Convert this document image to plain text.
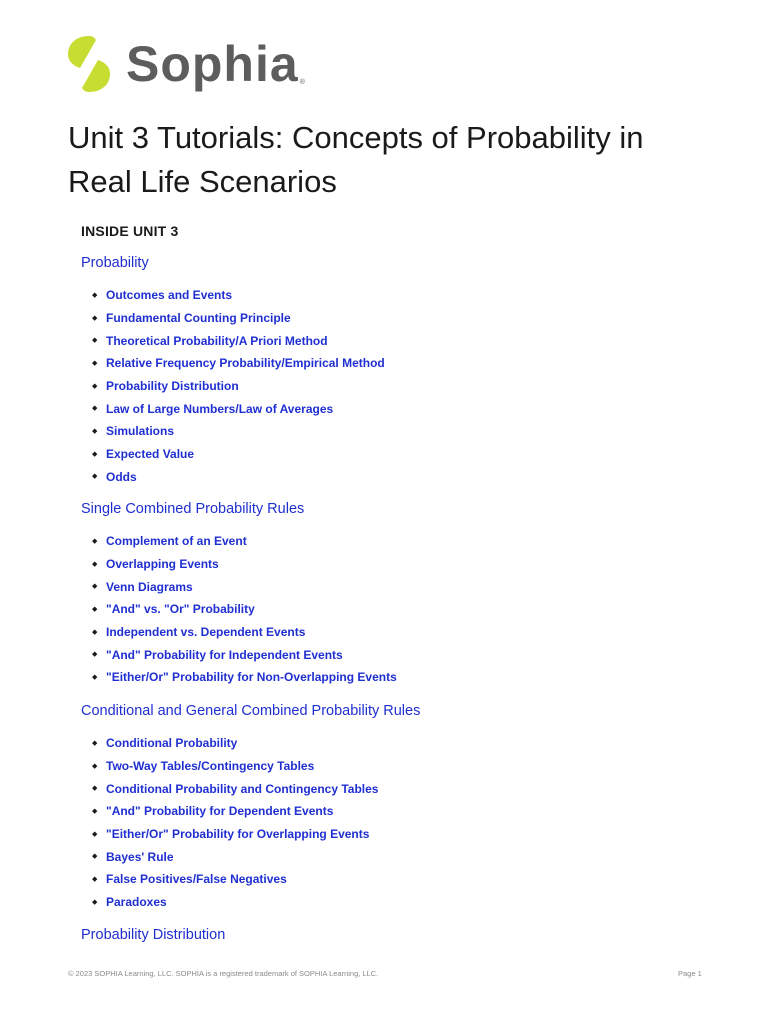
Sophia ®
Unit 3 Tutorials: Concepts of Probability in Real Life Scenarios
INSIDE UNIT 3
Probability
◆ Outcomes and Events
◆ Fundamental Counting Principle
◆ Theoretical Probability/A Priori Method
◆ Relative Frequency Probability/Empirical Method
◆ Probability Distribution
◆ Law of Large Numbers/Law of Averages
◆ Simulations
◆ Expected Value
◆ Odds
Single Combined Probability Rules
◆ Complement of an Event
◆ Overlapping Events
◆ Venn Diagrams
◆ "And" vs. "Or" Probability
◆ Independent vs. Dependent Events
◆ "And" Probability for Independent Events
◆ "Either/Or" Probability for Non-Overlapping Events
Conditional and General Combined Probability Rules
◆ Conditional Probability
◆ Two-Way Tables/Contingency Tables
◆ Conditional Probability and Contingency Tables
◆ "And" Probability for Dependent Events
◆ "Either/Or" Probability for Overlapping Events
◆ Bayes' Rule
◆ False Positives/False Negatives
◆ Paradoxes
Probability Distribution
© 2023 SOPHIA Learning, LLC. SOPHIA is a registered trademark of SOPHIA Learning, LLC.	Page 1
